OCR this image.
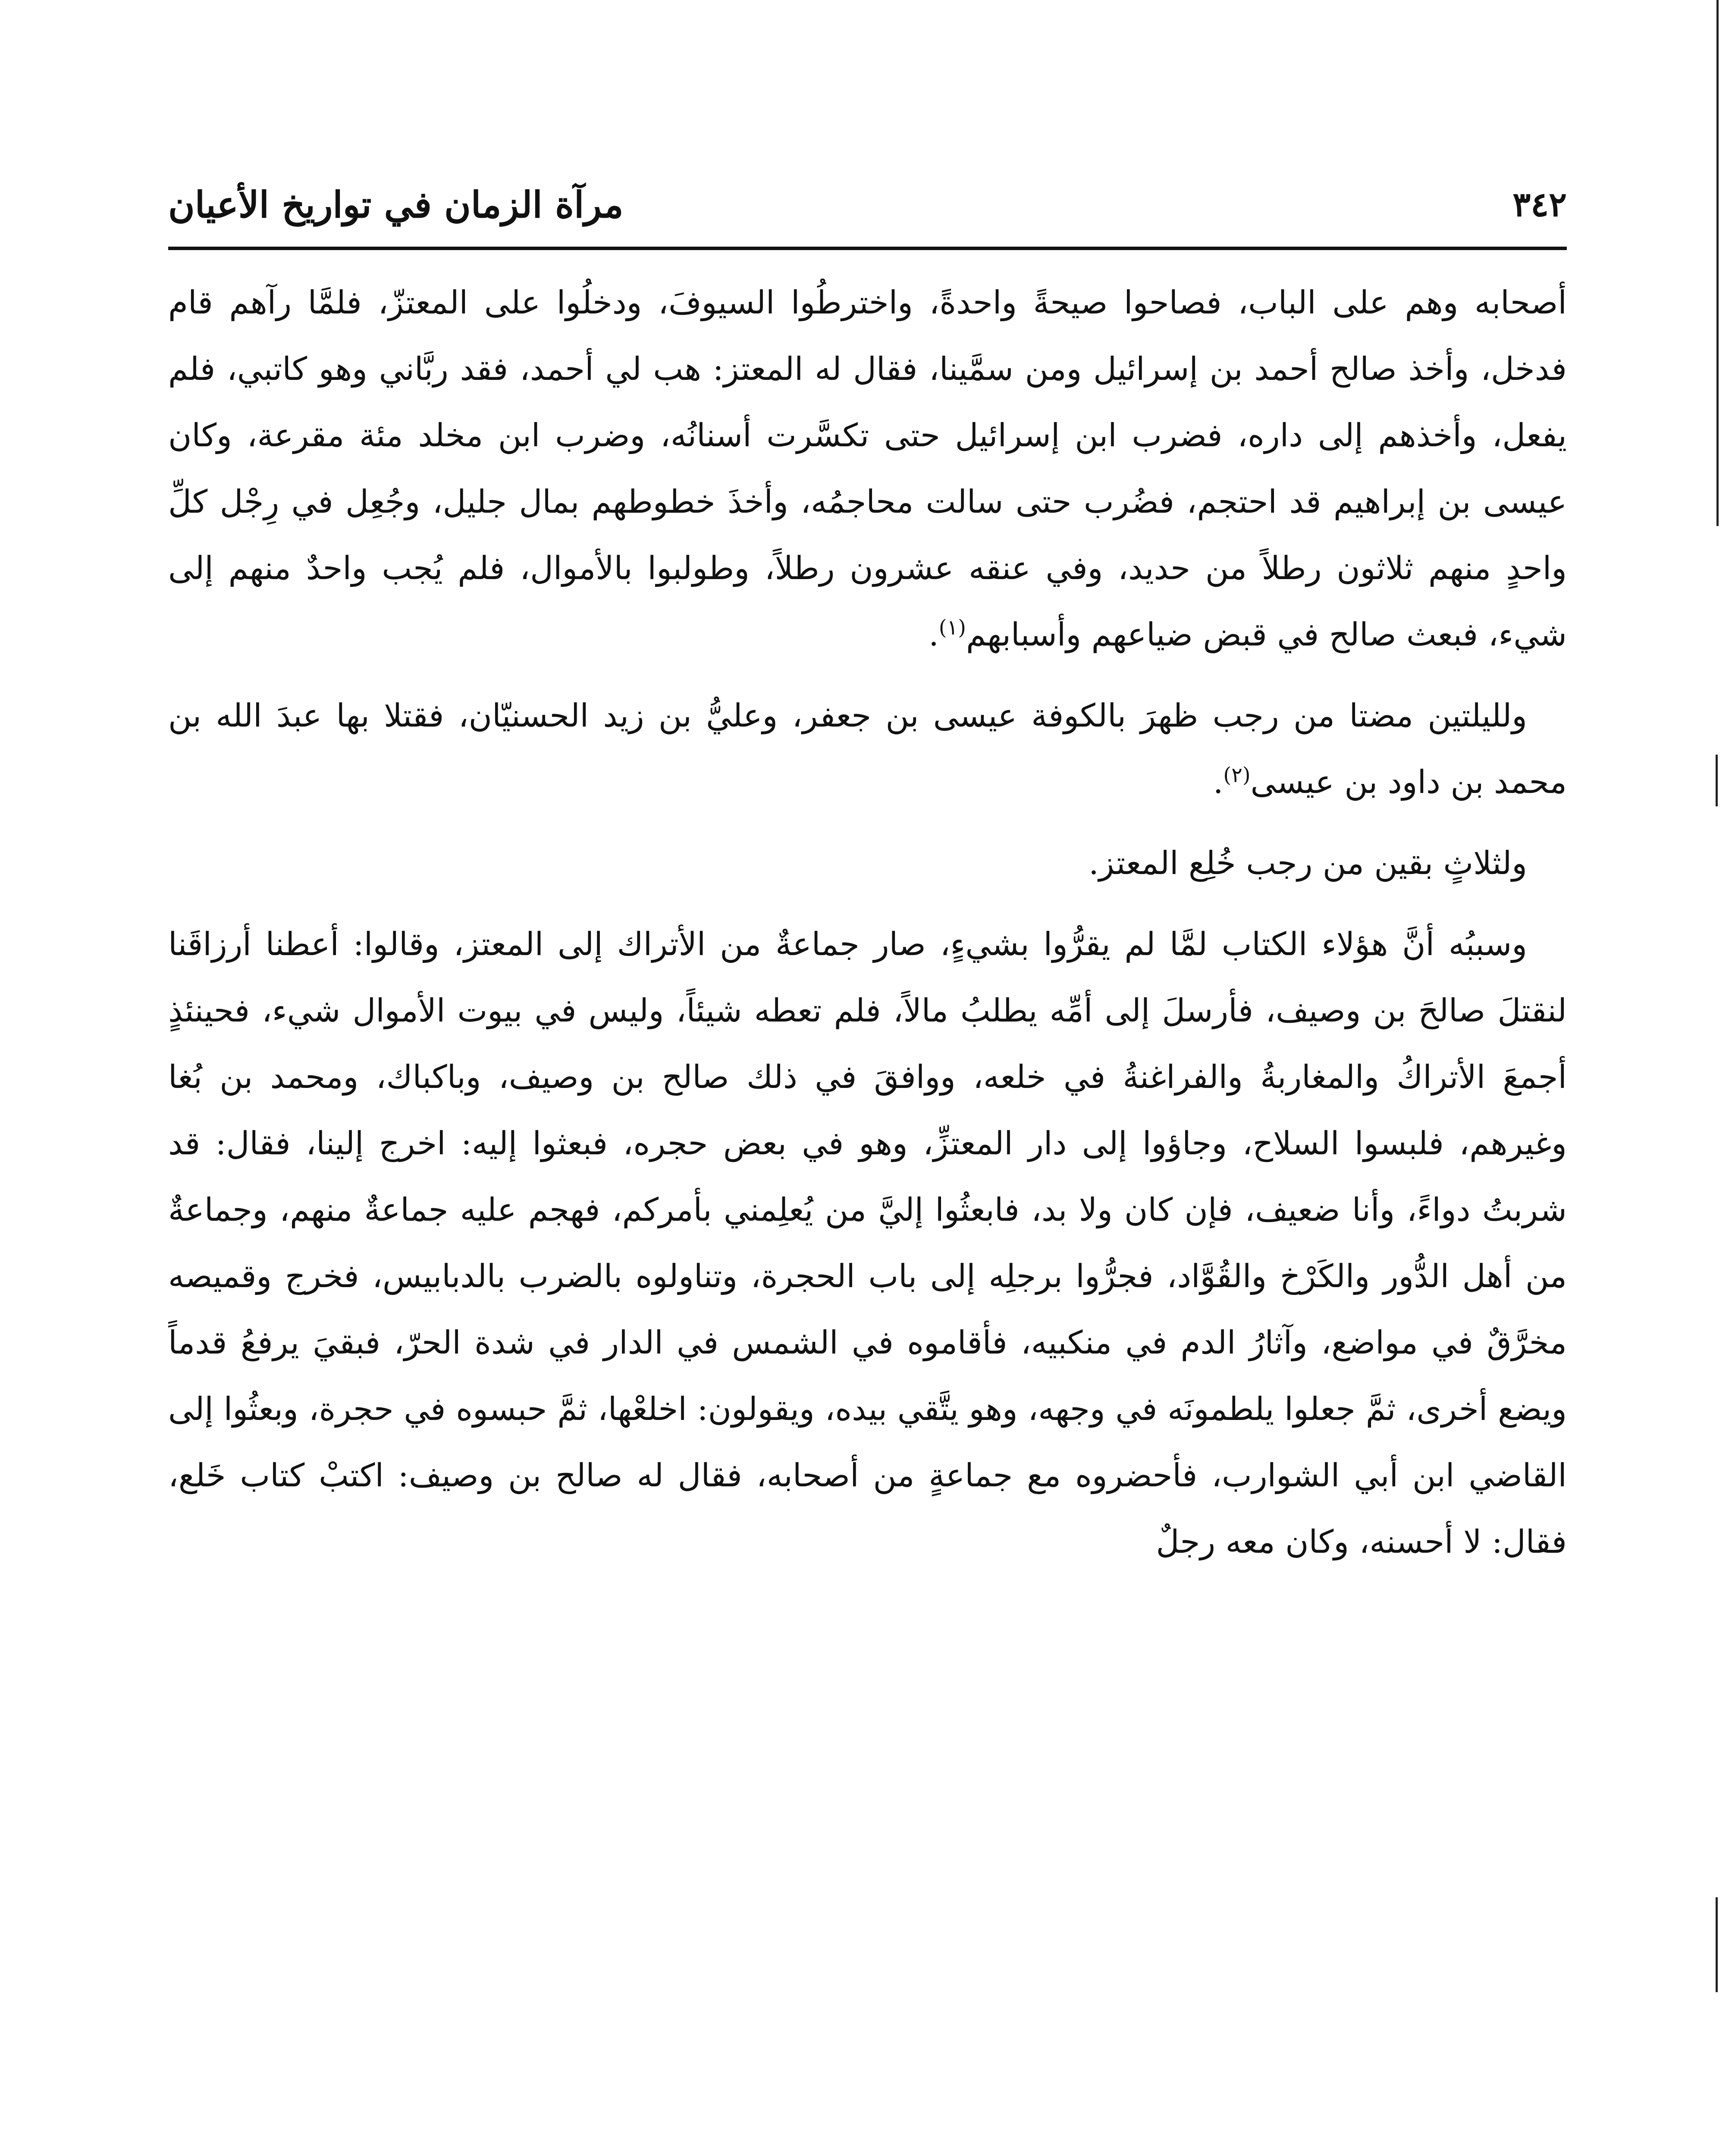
٣٤٢
مرآة الزمان في تواريخ الأعيان

أصحابه وهم على الباب، فصاحوا صيحةً واحدةً، واخترطُوا السيوفَ، ودخلُوا على المعتزّ، فلمَّا رآهم قام فدخل، وأخذ صالح أحمد بن إسرائيل ومن سمَّينا، فقال له المعتز: هب لي أحمد، فقد ربَّاني وهو كاتبي، فلم يفعل، وأخذهم إلى داره، فضرب ابن إسرائيل حتى تكسَّرت أسنانُه، وضرب ابن مخلد مئة مقرعة، وكان عيسى بن إبراهيم قد احتجم، فضُرب حتى سالت محاجمُه، وأخذَ خطوطهم بمال جليل، وجُعِل في رِجْل كلِّ واحدٍ منهم ثلاثون رطلاً من حديد، وفي عنقه عشرون رطلاً، وطولبوا بالأموال، فلم يُجب واحدٌ منهم إلى شيء، فبعث صالح في قبض ضياعهم وأسبابهم$^{(١)}$.

ولليلتين مضتا من رجب ظهرَ بالكوفة عيسى بن جعفر، وعليُّ بن زيد الحسنيّان، فقتلا بها عبدَ الله بن محمد بن داود بن عيسى$^{(٢)}$.

ولثلاثٍ بقين من رجب خُلِع المعتز.

وسببُه أنَّ هؤلاء الكتاب لمَّا لم يقرُّوا بشيءٍ، صار جماعةٌ من الأتراك إلى المعتز، وقالوا: أعطنا أرزاقَنا لنقتلَ صالحَ بن وصيف، فأرسلَ إلى أمِّه يطلبُ مالاً، فلم تعطه شيئاً، وليس في بيوت الأموال شيء، فحينئذٍ أجمعَ الأتراكُ والمغاربةُ والفراغنةُ في خلعه، ووافقَ في ذلك صالح بن وصيف، وباكباك، ومحمد بن بُغا وغيرهم، فلبسوا السلاح، وجاؤوا إلى دار المعتزِّ، وهو في بعض حجره، فبعثوا إليه: اخرج إلينا، فقال: قد شربتُ دواءً، وأنا ضعيف، فإن كان ولا بد، فابعثُوا إليَّ من يُعلِمني بأمركم، فهجم عليه جماعةٌ منهم، وجماعةٌ من أهل الدُّور والكَرْخ والقُوَّاد، فجرُّوا برجلِه إلى باب الحجرة، وتناولوه بالضرب بالدبابيس، فخرج وقميصه مخرَّقٌ في مواضع، وآثارُ الدم في منكبيه، فأقاموه في الشمس في الدار في شدة الحرّ، فبقيَ يرفعُ قدماً ويضع أخرى، ثمَّ جعلوا يلطمونَه في وجهه، وهو يتَّقي بيده، ويقولون: اخلعْها، ثمَّ حبسوه في حجرة، وبعثُوا إلى القاضي ابن أبي الشوارب، فأحضروه مع جماعةٍ من أصحابه، فقال له صالح بن وصيف: اكتبْ كتاب خَلع، فقال: لا أحسنه، وكان معه رجلٌ
